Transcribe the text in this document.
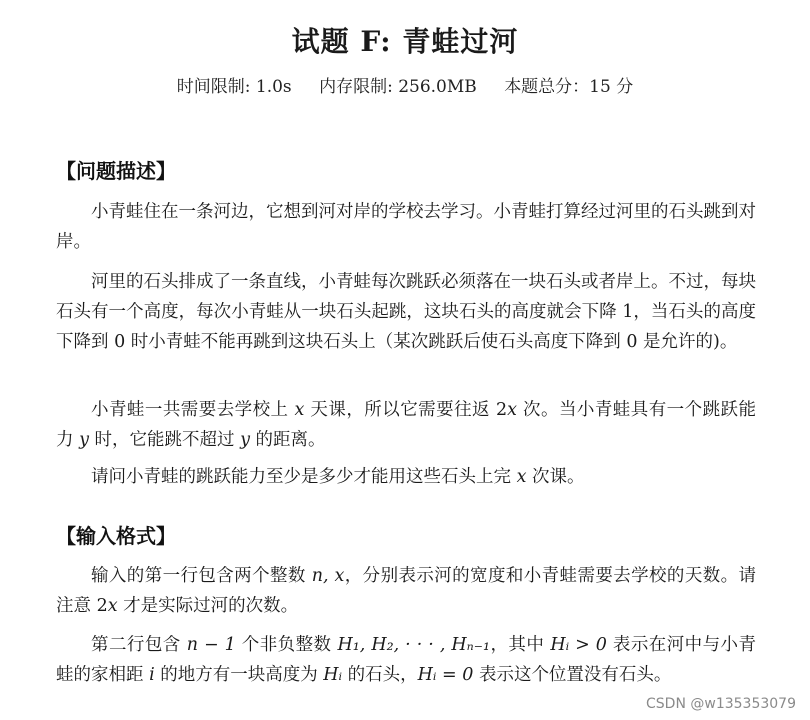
试题 F: 青蛙过河
时间限制: 1.0s 内存限制: 256.0MB 本题总分：15 分
【问题描述】

小青蛙住在一条河边，它想到河对岸的学校去学习。小青蛙打算经过河里的石头跳到对岸。

河里的石头排成了一条直线，小青蛙每次跳跃必须落在一块石头或者岸上。不过，每块石头有一个高度，每次小青蛙从一块石头起跳，这块石头的高度就会下降 1，当石头的高度下降到 0 时小青蛙不能再跳到这块石头上（某次跳跃后使石头高度下降到 0 是允许的)。

小青蛙一共需要去学校上 x 天课，所以它需要往返 2x 次。当小青蛙具有一个跳跃能力 y 时，它能跳不超过 y 的距离。

请问小青蛙的跳跃能力至少是多少才能用这些石头上完 x 次课。

【输入格式】

输入的第一行包含两个整数 n, x，分别表示河的宽度和小青蛙需要去学校的天数。请注意 2x 才是实际过河的次数。

第二行包含 n − 1 个非负整数 H₁, H₂, · · · , Hₙ₋₁，其中 Hᵢ > 0 表示在河中与小青蛙的家相距 i 的地方有一块高度为 Hᵢ 的石头，Hᵢ = 0 表示这个位置没有石头。

CSDN @w135353079
